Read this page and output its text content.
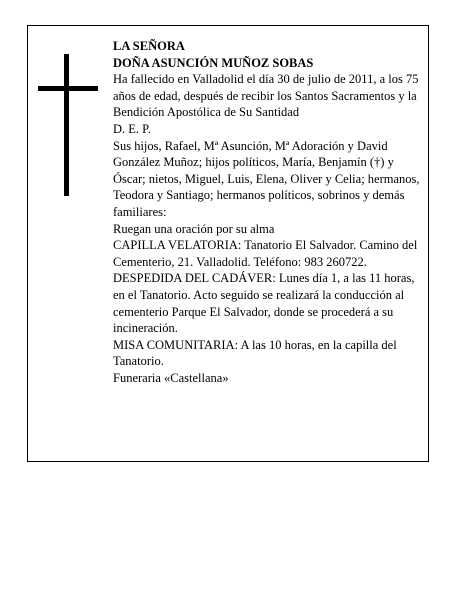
LA SEÑORA

DOÑA ASUNCIÓN MUÑOZ SOBAS

Ha fallecido en Valladolid el día 30 de julio de 2011, a los 75 años de edad, después de recibir los Santos Sacramentos y la Bendición Apostólica de Su Santidad

D. E. P.

Sus hijos, Rafael, Mª Asunción, Mª Adoración y David González Muñoz; hijos políticos, María, Benjamín (†) y Óscar; nietos, Miguel, Luis, Elena, Oliver y Celia; hermanos, Teodora y Santiago; hermanos políticos, sobrinos y demás familiares:

Ruegan una oración por su alma

CAPILLA VELATORIA: Tanatorio El Salvador. Camino del Cementerio, 21. Valladolid. Teléfono: 983 260722.

DESPEDIDA DEL CADÁVER: Lunes día 1, a las 11 horas, en el Tanatorio. Acto seguido se realizará la conducción al cementerio Parque El Salvador, donde se procederá a su incineración.

MISA COMUNITARIA: A las 10 horas, en la capilla del Tanatorio.

Funeraria «Castellana»
